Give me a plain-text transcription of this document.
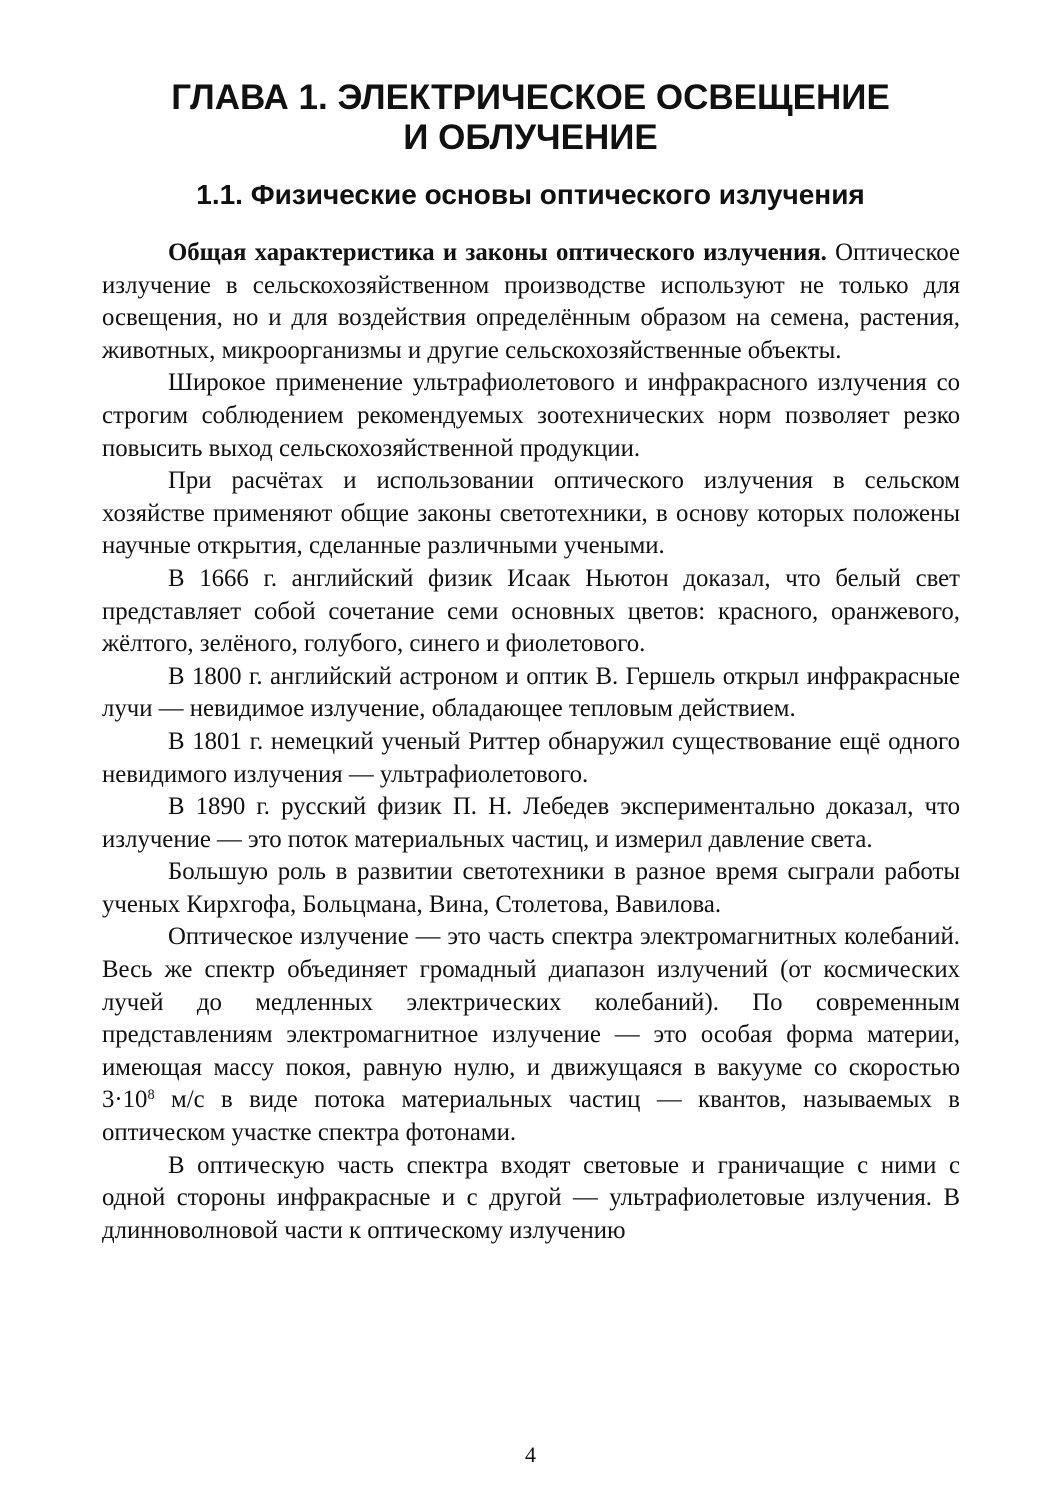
ГЛАВА 1. ЭЛЕКТРИЧЕСКОЕ ОСВЕЩЕНИЕ
И ОБЛУЧЕНИЕ
1.1. Физические основы оптического излучения

Общая характеристика и законы оптического излучения. Оптическое излучение в сельскохозяйственном производстве используют не только для освещения, но и для воздействия определённым образом на семена, растения, животных, микроорганизмы и другие сельскохозяйственные объекты.

Широкое применение ультрафиолетового и инфракрасного излучения со строгим соблюдением рекомендуемых зоотехнических норм позволяет резко повысить выход сельскохозяйственной продукции.

При расчётах и использовании оптического излучения в сельском хозяйстве применяют общие законы светотехники, в основу которых положены научные открытия, сделанные различными учеными.

В 1666 г. английский физик Исаак Ньютон доказал, что белый свет представляет собой сочетание семи основных цветов: красного, оранжевого, жёлтого, зелёного, голубого, синего и фиолетового.

В 1800 г. английский астроном и оптик В. Гершель открыл инфракрасные лучи — невидимое излучение, обладающее тепловым действием.

В 1801 г. немецкий ученый Риттер обнаружил существование ещё одного невидимого излучения — ультрафиолетового.

В 1890 г. русский физик П. Н. Лебедев экспериментально доказал, что излучение — это поток материальных частиц, и измерил давление света.

Большую роль в развитии светотехники в разное время сыграли работы ученых Кирхгофа, Больцмана, Вина, Столетова, Вавилова.

Оптическое излучение — это часть спектра электромагнитных колебаний. Весь же спектр объединяет громадный диапазон излучений (от космических лучей до медленных электрических колебаний). По современным представлениям электромагнитное излучение — это особая форма материи, имеющая массу покоя, равную нулю, и движущаяся в вакууме со скоростью $3\cdot 10^8$ м/с в виде потока материальных частиц — квантов, называемых в оптическом участке спектра фотонами.

В оптическую часть спектра входят световые и граничащие с ними с одной стороны инфракрасные и с другой — ультрафиолетовые излучения. В длинноволновой части к оптическому излучению

4
